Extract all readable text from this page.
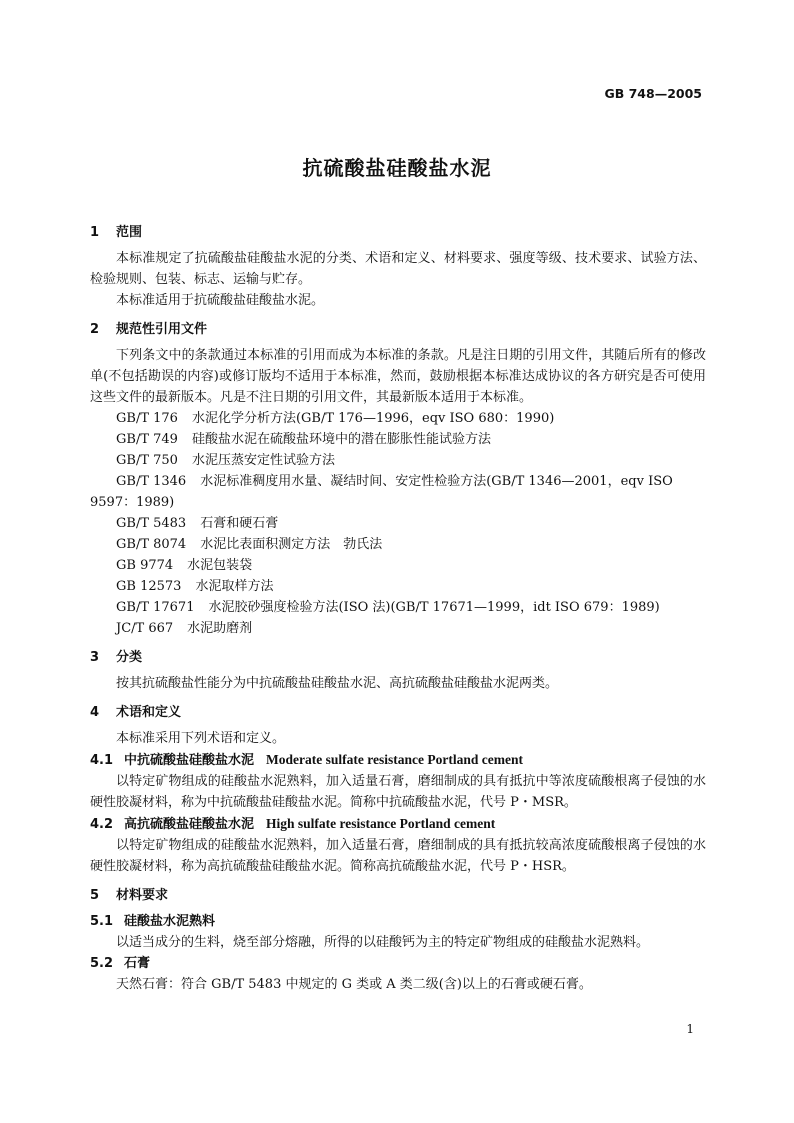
GB 748—2005
抗硫酸盐硅酸盐水泥
1 范围

本标准规定了抗硫酸盐硅酸盐水泥的分类、术语和定义、材料要求、强度等级、技术要求、试验方法、检验规则、包装、标志、运输与贮存。

本标准适用于抗硫酸盐硅酸盐水泥。

2 规范性引用文件

下列条文中的条款通过本标准的引用而成为本标准的条款。凡是注日期的引用文件，其随后所有的修改单(不包括勘误的内容)或修订版均不适用于本标准，然而，鼓励根据本标准达成协议的各方研究是否可使用这些文件的最新版本。凡是不注日期的引用文件，其最新版本适用于本标准。

GB/T 176 水泥化学分析方法(GB/T 176—1996，eqv ISO 680：1990)

GB/T 749 硅酸盐水泥在硫酸盐环境中的潜在膨胀性能试验方法

GB/T 750 水泥压蒸安定性试验方法

GB/T 1346 水泥标准稠度用水量、凝结时间、安定性检验方法(GB/T 1346—2001，eqv ISO 9597：1989)

GB/T 5483 石膏和硬石膏

GB/T 8074 水泥比表面积测定方法　勃氏法

GB 9774 水泥包装袋

GB 12573 水泥取样方法

GB/T 17671 水泥胶砂强度检验方法(ISO 法)(GB/T 17671—1999，idt ISO 679：1989)

JC/T 667 水泥助磨剂

3 分类

按其抗硫酸盐性能分为中抗硫酸盐硅酸盐水泥、高抗硫酸盐硅酸盐水泥两类。

4 术语和定义

本标准采用下列术语和定义。

4.1 中抗硫酸盐硅酸盐水泥 Moderate sulfate resistance Portland cement

以特定矿物组成的硅酸盐水泥熟料，加入适量石膏，磨细制成的具有抵抗中等浓度硫酸根离子侵蚀的水硬性胶凝材料，称为中抗硫酸盐硅酸盐水泥。简称中抗硫酸盐水泥，代号 P・MSR。

4.2 高抗硫酸盐硅酸盐水泥 High sulfate resistance Portland cement

以特定矿物组成的硅酸盐水泥熟料，加入适量石膏，磨细制成的具有抵抗较高浓度硫酸根离子侵蚀的水硬性胶凝材料，称为高抗硫酸盐硅酸盐水泥。简称高抗硫酸盐水泥，代号 P・HSR。

5 材料要求
5.1 硅酸盐水泥熟料

以适当成分的生料，烧至部分熔融，所得的以硅酸钙为主的特定矿物组成的硅酸盐水泥熟料。

5.2 石膏

天然石膏：符合 GB/T 5483 中规定的 G 类或 A 类二级(含)以上的石膏或硬石膏。

1
